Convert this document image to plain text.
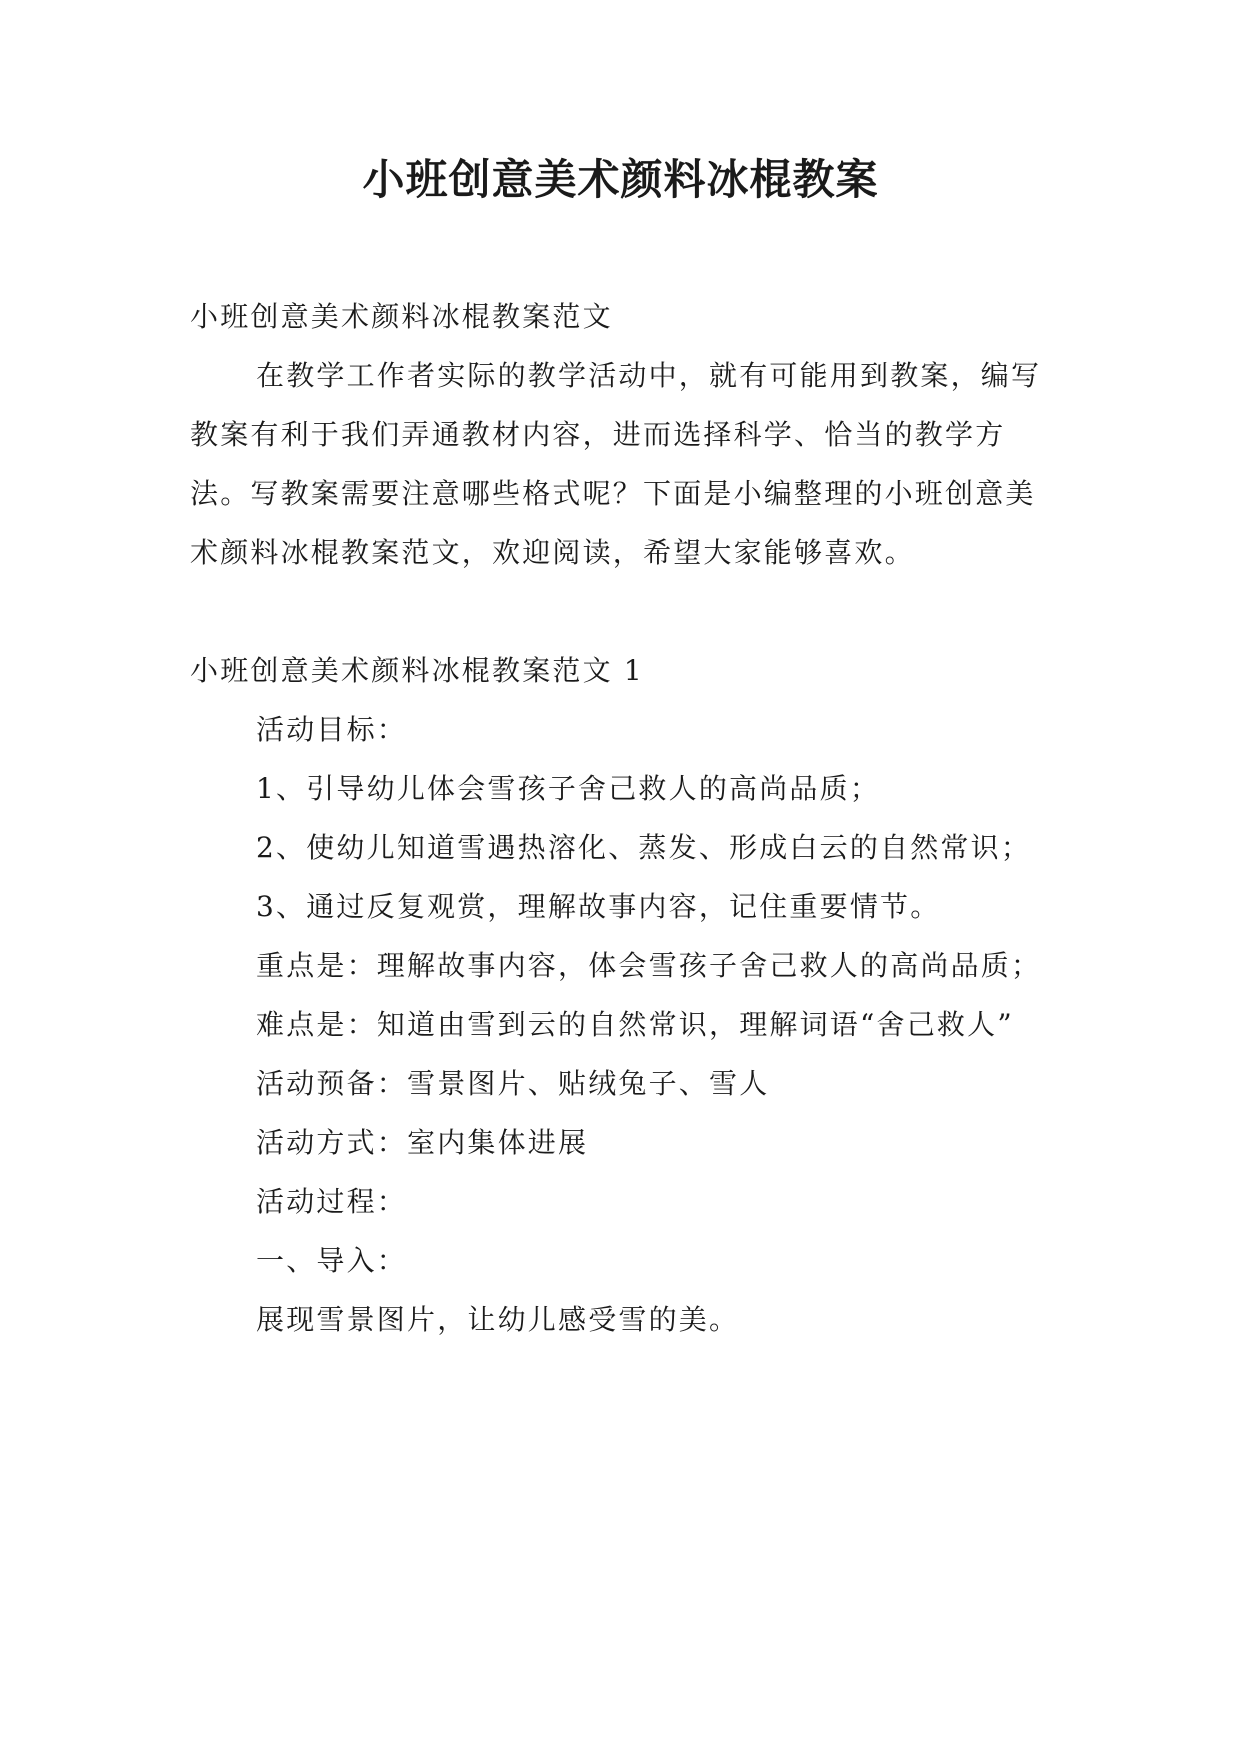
小班创意美术颜料冰棍教案

小班创意美术颜料冰棍教案范文

在教学工作者实际的教学活动中，就有可能用到教案，编写教案有利于我们弄通教材内容，进而选择科学、恰当的教学方法。写教案需要注意哪些格式呢？下面是小编整理的小班创意美术颜料冰棍教案范文，欢迎阅读，希望大家能够喜欢。

小班创意美术颜料冰棍教案范文 1

活动目标：

1、引导幼儿体会雪孩子舍己救人的高尚品质；

2、使幼儿知道雪遇热溶化、蒸发、形成白云的自然常识；

3、通过反复观赏，理解故事内容，记住重要情节。

重点是：理解故事内容，体会雪孩子舍己救人的高尚品质；

难点是：知道由雪到云的自然常识，理解词语“舍己救人”

活动预备：雪景图片、贴绒兔子、雪人

活动方式：室内集体进展

活动过程：

一、导入：

展现雪景图片，让幼儿感受雪的美。
